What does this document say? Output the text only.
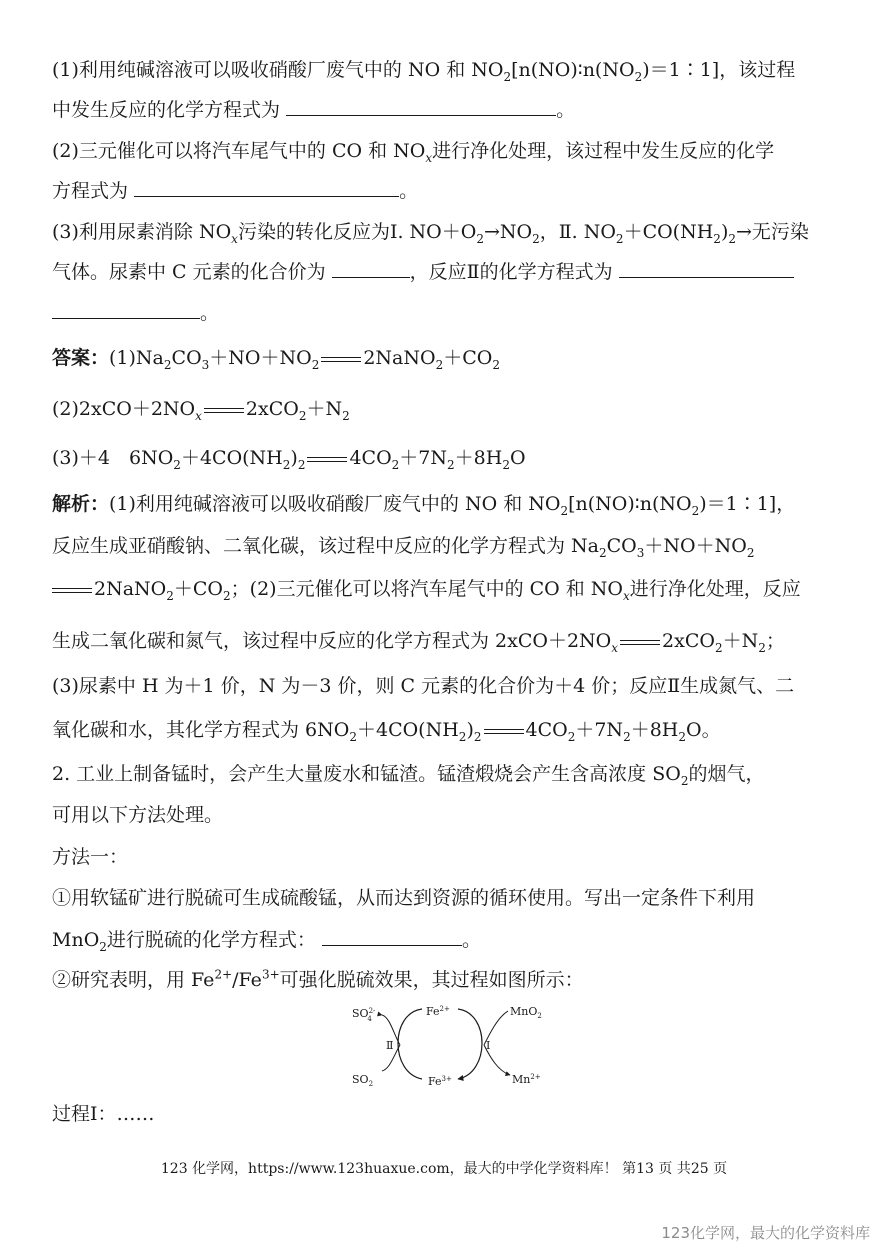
(1)利用纯碱溶液可以吸收硝酸厂废气中的 NO 和 $NO_2[n(NO)∶n(NO_2)=1∶1]$，该过程
中发生反应的化学方程式为	。
(2)三元催化可以将汽车尾气中的 CO 和 $NO_x$进行净化处理，该过程中发生反应的化学
方程式为	。
(3)利用尿素消除 $NO_x$污染的转化反应为Ⅰ. $NO+O_2\to NO_2$，Ⅱ. $NO_2+CO(NH_2)_2\to$无污染
气体。尿素中 C 元素的化合价为	，反应Ⅱ的化学方程式为
。
答案：$(1)Na_2CO_3+NO+NO_2$ $2NaNO_2+CO_2$
$(2)2xCO+2NO_x$ $2xCO_2+N_2$
(3)＋4　$6NO_2+4CO(NH_2)_2$ $4CO_2+7N_2+8H_2O$
解析：(1)利用纯碱溶液可以吸收硝酸厂废气中的 NO 和 $NO_2[n(NO)∶n(NO_2)=1∶1]$，
反应生成亚硝酸钠、二氧化碳，该过程中反应的化学方程式为 $Na_2CO_3+NO+NO_2$
$2NaNO_2+CO_2$；(2)三元催化可以将汽车尾气中的 CO 和 $NO_x$进行净化处理，反应
生成二氧化碳和氮气，该过程中反应的化学方程式为 $2xCO+2NO_x$ $2xCO_2+N_2$；
(3)尿素中 H 为＋1 价，N 为－3 价，则 C 元素的化合价为＋4 价；反应Ⅱ生成氮气、二
氧化碳和水，其化学方程式为 $6NO_2+4CO(NH_2)_2$ $4CO_2+7N_2+8H_2O$。
2. 工业上制备锰时，会产生大量废水和锰渣。锰渣煅烧会产生含高浓度 $SO_2$的烟气，
可用以下方法处理。
方法一：
①用软锰矿进行脱硫可生成硫酸锰，从而达到资源的循环使用。写出一定条件下利用
MnO$_2$进行脱硫的化学方程式：	。
②研究表明，用 $Fe^{2+}/Fe^{3+}$可强化脱硫效果，其过程如图所示：
$SO^{2-}4$
$Fe^{2+}$	MnO$_2$
Ⅱ	Ⅰ
$SO_2$	$Fe^{3+}$	$Mn^{2+}$
过程Ⅰ：……
123 化学网，https://www.123huaxue.com，最大的中学化学资料库！ 第13 页 共25 页
123化学网，最大的化学资料库
